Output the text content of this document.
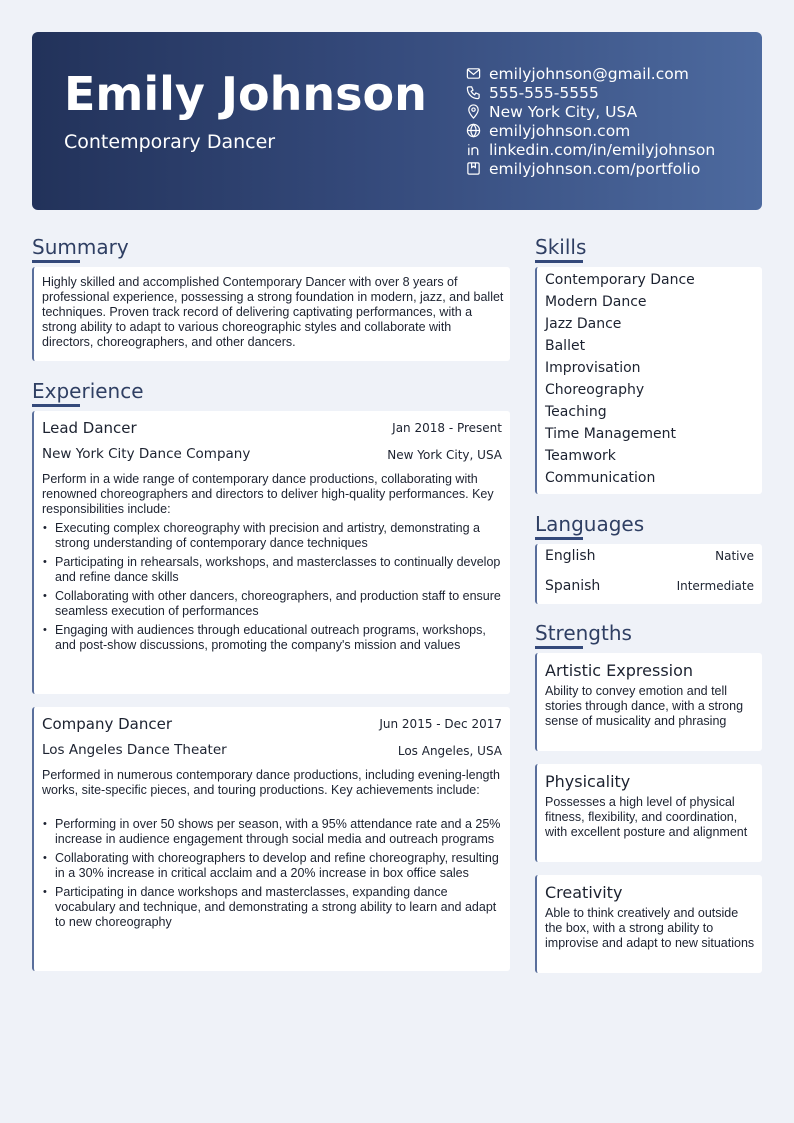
Emily Johnson
Contemporary Dancer
emilyjohnson@gmail.com
555-555-5555
New York City, USA
emilyjohnson.com
linkedin.com/in/emilyjohnson
emilyjohnson.com/portfolio
Summary
Highly skilled and accomplished Contemporary Dancer with over 8 years of professional experience, possessing a strong foundation in modern, jazz, and ballet techniques. Proven track record of delivering captivating performances, with a strong ability to adapt to various choreographic styles and collaborate with directors, choreographers, and other dancers.
Experience
Lead Dancer	Jan 2018 - Present
New York City Dance Company	New York City, USA
Perform in a wide range of contemporary dance productions, collaborating with renowned choreographers and directors to deliver high-quality performances. Key responsibilities include:
• Executing complex choreography with precision and artistry, demonstrating a strong understanding of contemporary dance techniques
• Participating in rehearsals, workshops, and masterclasses to continually develop and refine dance skills
• Collaborating with other dancers, choreographers, and production staff to ensure seamless execution of performances
• Engaging with audiences through educational outreach programs, workshops, and post-show discussions, promoting the company's mission and values
Company Dancer	Jun 2015 - Dec 2017
Los Angeles Dance Theater	Los Angeles, USA
Performed in numerous contemporary dance productions, including evening-length works, site-specific pieces, and touring productions. Key achievements include:
• Performing in over 50 shows per season, with a 95% attendance rate and a 25% increase in audience engagement through social media and outreach programs
• Collaborating with choreographers to develop and refine choreography, resulting in a 30% increase in critical acclaim and a 20% increase in box office sales
• Participating in dance workshops and masterclasses, expanding dance vocabulary and technique, and demonstrating a strong ability to learn and adapt to new choreography
Skills
Contemporary Dance
Modern Dance
Jazz Dance
Ballet
Improvisation
Choreography
Teaching
Time Management
Teamwork
Communication
Languages
English	Native
Spanish	Intermediate
Strengths
Artistic Expression
Ability to convey emotion and tell stories through dance, with a strong sense of musicality and phrasing
Physicality
Possesses a high level of physical fitness, flexibility, and coordination, with excellent posture and alignment
Creativity
Able to think creatively and outside the box, with a strong ability to improvise and adapt to new situations
